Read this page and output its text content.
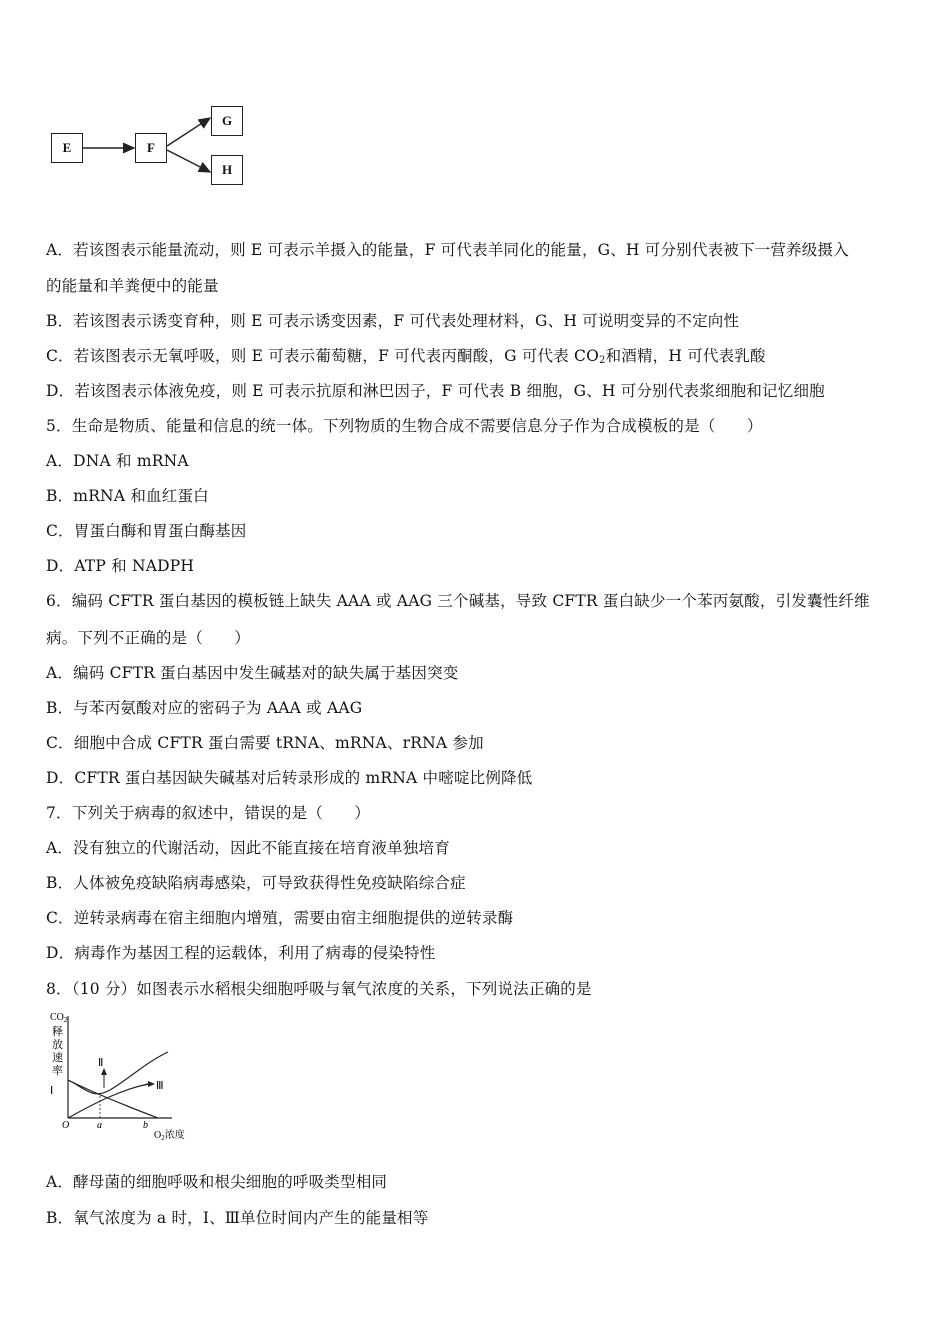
E	F
G
H
A．若该图表示能量流动，则 E 可表示羊摄入的能量，F 可代表羊同化的能量，G、H 可分别代表被下一营养级摄入
的能量和羊粪便中的能量
B．若该图表示诱变育种，则 E 可表示诱变因素，F 可代表处理材料，G、H 可说明变异的不定向性
C．若该图表示无氧呼吸，则 E 可表示葡萄糖，F 可代表丙酮酸，G 可代表 $CO_2$和酒精，H 可代表乳酸
D．若该图表示体液免疫，则 E 可表示抗原和淋巴因子，F 可代表 B 细胞，G、H 可分别代表浆细胞和记忆细胞
5．生命是物质、能量和信息的统一体。下列物质的生物合成不需要信息分子作为合成模板的是（　　）
A．DNA 和 mRNA
B．mRNA 和血红蛋白
C．胃蛋白酶和胃蛋白酶基因
D．ATP 和 NADPH
6．编码 CFTR 蛋白基因的模板链上缺失 AAA 或 AAG 三个碱基，导致 CFTR 蛋白缺少一个苯丙氨酸，引发囊性纤维
病。下列不正确的是（　　）
A．编码 CFTR 蛋白基因中发生碱基对的缺失属于基因突变
B．与苯丙氨酸对应的密码子为 AAA 或 AAG
C．细胞中合成 CFTR 蛋白需要 tRNA、mRNA、rRNA 参加
D．CFTR 蛋白基因缺失碱基对后转录形成的 mRNA 中嘧啶比例降低
7．下列关于病毒的叙述中，错误的是（　　）
A．没有独立的代谢活动，因此不能直接在培育液单独培育
B．人体被免疫缺陷病毒感染，可导致获得性免疫缺陷综合症
C．逆转录病毒在宿主细胞内增殖，需要由宿主细胞提供的逆转录酶
D．病毒作为基因工程的运载体，利用了病毒的侵染特性
8．（10 分）如图表示水稻根尖细胞呼吸与氧气浓度的关系，下列说法正确的是
$CO_2$
释
放
速
率
Ⅰ
Ⅱ
Ⅲ
O	a	b
$O_2$浓度
A．酵母菌的细胞呼吸和根尖细胞的呼吸类型相同
B．氧气浓度为 a 时，Ⅰ、Ⅲ单位时间内产生的能量相等
